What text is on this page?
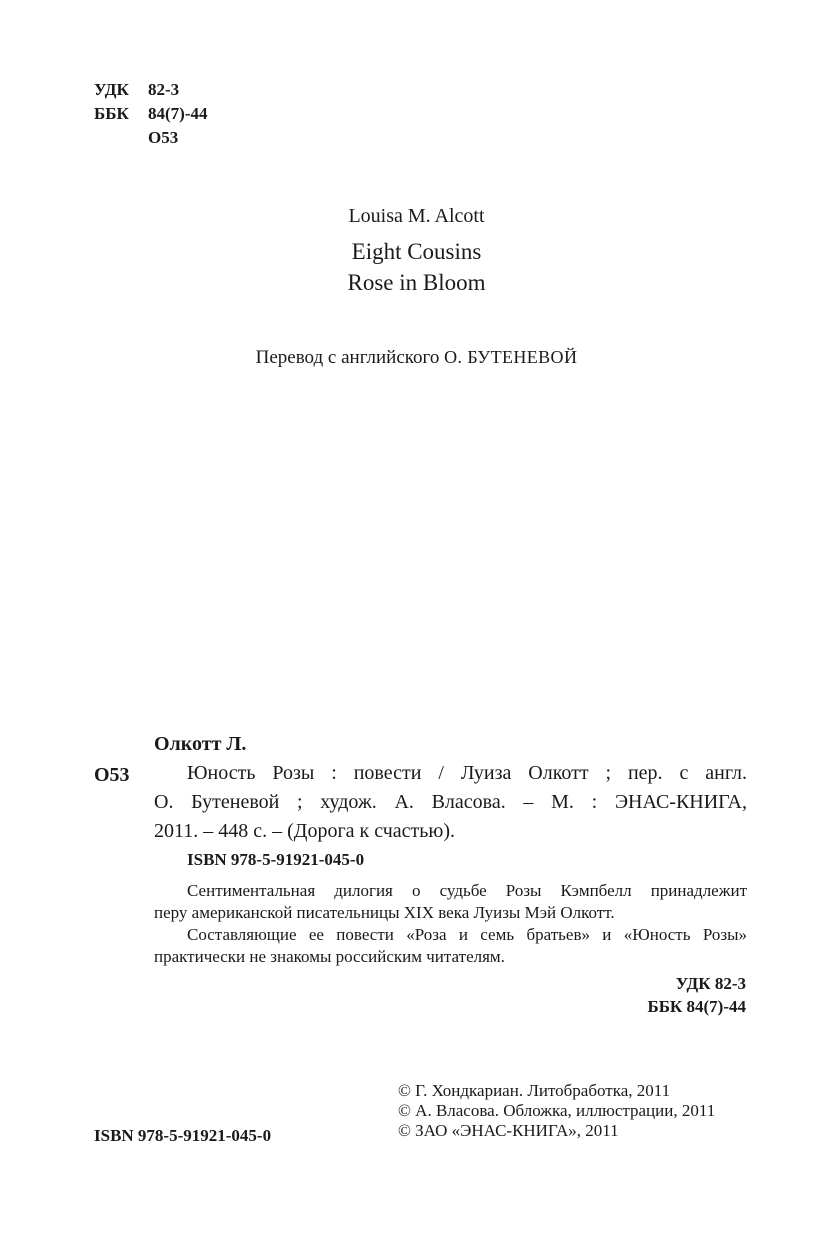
УДК 82-3
ББК 84(7)-44
О53
Louisa M. Alcott
Eight Cousins
Rose in Bloom
Перевод с английского О. БУТЕНЕВОЙ
Олкотт Л.
О53	Юность Розы : повести / Луиза Олкотт ; пер. с англ.
О. Бутеневой ; худож. А. Власова. – М. : ЭНАС-КНИГА,
2011. – 448 с. – (Дорога к счастью).
ISBN 978-5-91921-045-0
Сентиментальная дилогия о судьбе Розы Кэмпбелл принадлежит
перу американской писательницы XIX века Луизы Мэй Олкотт.
Составляющие ее повести «Роза и семь братьев» и «Юность Розы»
практически не знакомы российским читателям.
УДК 82-3
ББК 84(7)-44
ISBN 978-5-91921-045-0
© Г. Хондкариан. Литобработка, 2011
© А. Власова. Обложка, иллюстрации, 2011
© ЗАО «ЭНАС-КНИГА», 2011
